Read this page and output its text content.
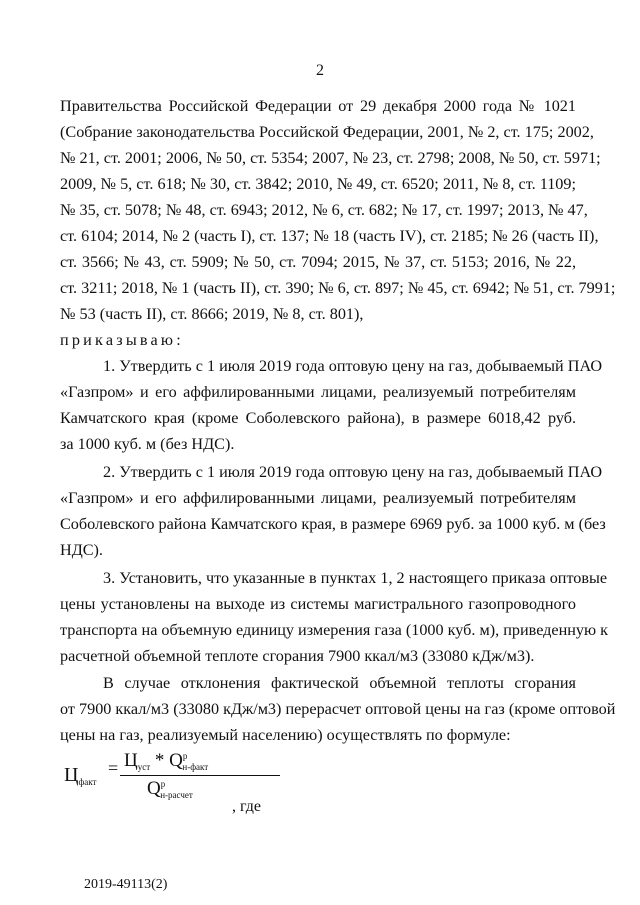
2
Правительства Российской Федерации от 29 декабря 2000 года № 1021
(Собрание законодательства Российской Федерации, 2001, № 2, ст. 175; 2002,
№ 21, ст. 2001; 2006, № 50, ст. 5354; 2007, № 23, ст. 2798; 2008, № 50, ст. 5971;
2009, № 5, ст. 618; № 30, ст. 3842; 2010, № 49, ст. 6520; 2011, № 8, ст. 1109;
№ 35, ст. 5078; № 48, ст. 6943; 2012, № 6, ст. 682; № 17, ст. 1997; 2013, № 47,
ст. 6104; 2014, № 2 (часть I), ст. 137; № 18 (часть IV), ст. 2185; № 26 (часть II),
ст. 3566; № 43, ст. 5909; № 50, ст. 7094; 2015, № 37, ст. 5153; 2016, № 22,
ст. 3211; 2018, № 1 (часть II), ст. 390; № 6, ст. 897; № 45, ст. 6942; № 51, ст. 7991;
№ 53 (часть II), ст. 8666; 2019, № 8, ст. 801),
приказываю:
1. Утвердить с 1 июля 2019 года оптовую цену на газ, добываемый ПАО
«Газпром» и его аффилированными лицами, реализуемый потребителям
Камчатского края (кроме Соболевского района), в размере 6018,42 руб.
за 1000 куб. м (без НДС).
2. Утвердить с 1 июля 2019 года оптовую цену на газ, добываемый ПАО
«Газпром» и его аффилированными лицами, реализуемый потребителям
Соболевского района Камчатского края, в размере 6969 руб. за 1000 куб. м (без
НДС).
3. Установить, что указанные в пунктах 1, 2 настоящего приказа оптовые
цены установлены на выходе из системы магистрального газопроводного
транспорта на объемную единицу измерения газа (1000 куб. м), приведенную к
расчетной объемной теплоте сгорания 7900 ккал/м3 (33080 кДж/м3).
В случае отклонения фактической объемной теплоты сгорания
от 7900 ккал/м3 (33080 кДж/м3) перерасчет оптовой цены на газ (кроме оптовой
цены на газ, реализуемый населению) осуществлять по формуле:
$Ц_{факт}$
= $Ц_{уст} * Q^р_{н-факт}$
$Q^р_{н-расчет}$
, где
2019-49113(2)
